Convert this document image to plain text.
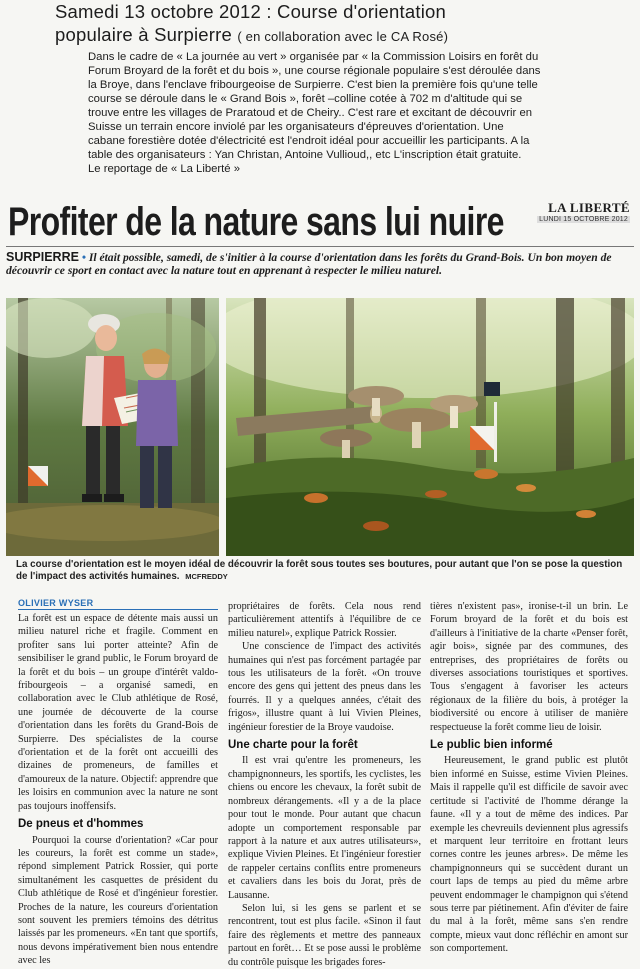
Samedi 13 octobre 2012 : Course d'orientation
populaire à Surpierre ( en collaboration avec le CA Rosé)

Dans le cadre de « La journée au vert » organisée par « la Commission Loisirs en forêt du

Forum Broyard de la forêt et du bois », une course régionale populaire s'est déroulée dans

la Broye, dans l'enclave fribourgeoise de Surpierre. C'est bien la première fois qu'une telle

course se déroule dans le « Grand Bois », forêt –colline cotée à 702 m d'altitude qui se

trouve entre les villages de Praratoud et de Cheiry.. C'est rare et excitant de découvrir en

Suisse un terrain encore inviolé par les organisateurs d'épreuves d'orientation. Une

cabane forestière dotée d'électricité est l'endroit idéal pour accueillir les participants. A la

table des organisateurs : Yan Christan, Antoine Vullioud,, etc L'inscription était gratuite.

Le reportage de « La Liberté »

Profiter de la nature sans lui nuire	LA LIBERTÉ
LUNDI 15 OCTOBRE 2012
SURPIERRE • Il était possible, samedi, de s'initier à la course d'orientation dans les forêts du Grand-Bois. Un bon moyen de découvrir ce sport en contact avec la nature tout en apprenant à respecter le milieu naturel.
La course d'orientation est le moyen idéal de découvrir la forêt sous toutes ses boutures, pour autant que l'on se pose la question de l'impact des activités humaines. MCFREDDY
OLIVIER WYSER

La forêt est un espace de détente mais aussi un milieu naturel riche et fragile. Comment en profiter sans lui porter atteinte? Afin de sensibiliser le grand public, le Forum broyard de la forêt et du bois – un groupe d'intérêt valdo-fribourgeois – a organisé samedi, en collaboration avec le Club athlétique de Rosé, une journée de découverte de la course d'orientation dans les forêts du Grand-Bois de Surpierre. Des spécialistes de la course d'orientation et de la forêt ont accueilli des dizaines de promeneurs, de familles et d'amoureux de la nature. Objectif: apprendre que les loisirs en communion avec la nature ne sont pas toujours inoffensifs.

De pneus et d'hommes

Pourquoi la course d'orientation? «Car pour les coureurs, la forêt est comme un stade», répond simplement Patrick Rossier, qui porte simultanément les casquettes de président du Club athlétique de Rosé et d'ingénieur forestier. Proches de la nature, les coureurs d'orientation sont souvent les premiers témoins des détritus laissés par les promeneurs. «En tant que sportifs, nous devons impérativement bien nous entendre avec les

propriétaires de forêts. Cela nous rend particulièrement attentifs à l'équilibre de ce milieu naturel», explique Patrick Rossier.

Une conscience de l'impact des activités humaines qui n'est pas forcément partagée par tous les utilisateurs de la forêt. «On trouve encore des gens qui jettent des pneus dans les fourrés. Il y a quelques années, c'était des frigos», illustre quant à lui Vivien Pleines, ingénieur forestier de la Broye vaudoise.

Une charte pour la forêt

Il est vrai qu'entre les promeneurs, les champignonneurs, les sportifs, les cyclistes, les chiens ou encore les chevaux, la forêt subit de nombreux dérangements. «Il y a de la place pour tout le monde. Pour autant que chacun adopte un comportement responsable par rapport à la nature et aux autres utilisateurs», explique Vivien Pleines. Et l'ingénieur forestier de rappeler certains conflits entre promeneurs et cavaliers dans les bois du Jorat, près de Lausanne.

Selon lui, si les gens se parlent et se rencontrent, tout est plus facile. «Sinon il faut faire des règlements et mettre des panneaux partout en forêt… Et se pose aussi le problème du contrôle puisque les brigades fores-

tières n'existent pas», ironise-t-il un brin. Le Forum broyard de la forêt et du bois est d'ailleurs à l'initiative de la charte «Penser forêt, agir bois», signée par des communes, des entreprises, des propriétaires de forêts ou diverses associations touristiques et sportives. Tous s'engagent à favoriser les acteurs régionaux de la filière du bois, à protéger la biodiversité ou encore à utiliser de manière respectueuse la forêt comme lieu de loisir.

Le public bien informé

Heureusement, le grand public est plutôt bien informé en Suisse, estime Vivien Pleines. Mais il rappelle qu'il est difficile de savoir avec certitude si l'activité de l'homme dérange la faune. «Il y a tout de même des indices. Par exemple les chevreuils deviennent plus agressifs et marquent leur territoire en frottant leurs cornes contre les jeunes arbres». De même les champignonneurs qui se succèdent durant un court laps de temps au pied du même arbre peuvent endommager le champignon qui s'étend sous terre par piétinement. Afin d'éviter de faire du mal à la forêt, même sans s'en rendre compte, mieux vaut donc réfléchir en amont sur son comportement.
